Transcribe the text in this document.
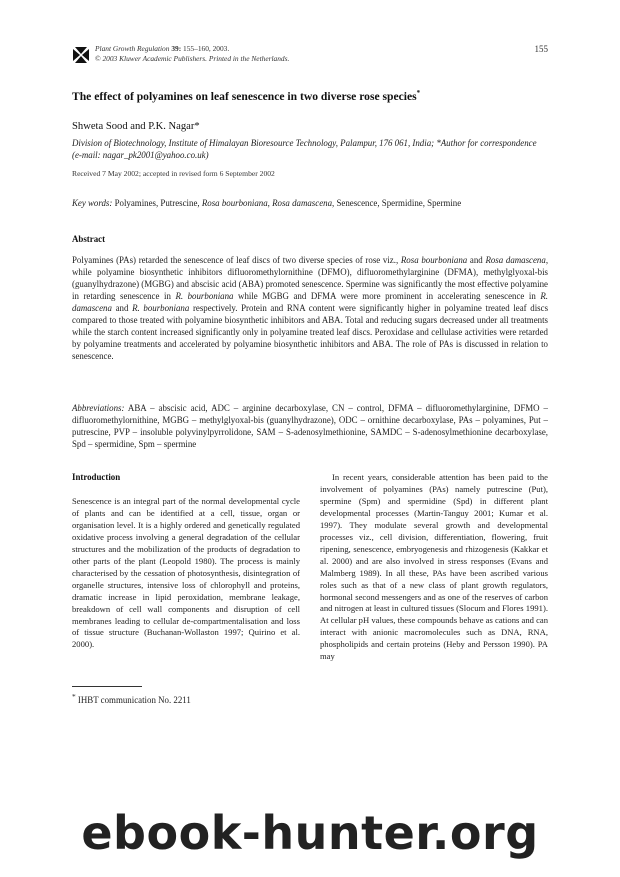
Plant Growth Regulation 39: 155–160, 2003.
© 2003 Kluwer Academic Publishers. Printed in the Netherlands.
155
The effect of polyamines on leaf senescence in two diverse rose species*
Shweta Sood and P.K. Nagar*
Division of Biotechnology, Institute of Himalayan Bioresource Technology, Palampur, 176 061, India; *Author for correspondence (e-mail: nagar_pk2001@yahoo.co.uk)
Received 7 May 2002; accepted in revised form 6 September 2002
Key words: Polyamines, Putrescine, Rosa bourboniana, Rosa damascena, Senescence, Spermidine, Spermine
Abstract
Polyamines (PAs) retarded the senescence of leaf discs of two diverse species of rose viz., Rosa bourboniana and Rosa damascena, while polyamine biosynthetic inhibitors difluoromethylornithine (DFMO), difluoromethylarginine (DFMA), methylglyoxal-bis (guanylhydrazone) (MGBG) and abscisic acid (ABA) promoted senescence. Spermine was significantly the most effective polyamine in retarding senescence in R. bourboniana while MGBG and DFMA were more prominent in accelerating senescence in R. damascena and R. bourboniana respectively. Protein and RNA content were significantly higher in polyamine treated leaf discs compared to those treated with polyamine biosynthetic inhibitors and ABA. Total and reducing sugars decreased under all treatments while the starch content increased significantly only in polyamine treated leaf discs. Peroxidase and cellulase activities were retarded by polyamine treatments and accelerated by polyamine biosynthetic inhibitors and ABA. The role of PAs is discussed in relation to senescence.
Abbreviations: ABA – abscisic acid, ADC – arginine decarboxylase, CN – control, DFMA – difluoromethylarginine, DFMO – difluoromethylornithine, MGBG – methylglyoxal-bis (guanylhydrazone), ODC – ornithine decarboxylase, PAs – polyamines, Put – putrescine, PVP – insoluble polyvinylpyrrolidone, SAM – S-adenosylmethionine, SAMDC – S-adenosylmethionine decarboxylase, Spd – spermidine, Spm – spermine
Introduction
Senescence is an integral part of the normal developmental cycle of plants and can be identified at a cell, tissue, organ or organisation level. It is a highly ordered and genetically regulated oxidative process involving a general degradation of the cellular structures and the mobilization of the products of degradation to other parts of the plant (Leopold 1980). The process is mainly characterised by the cessation of photosynthesis, disintegration of organelle structures, intensive loss of chlorophyll and proteins, dramatic increase in lipid peroxidation, membrane leakage, breakdown of cell wall components and disruption of cell membranes leading to cellular de-compartmentalisation and loss of tissue structure (Buchanan-Wollaston 1997; Quirino et al. 2000).
In recent years, considerable attention has been paid to the involvement of polyamines (PAs) namely putrescine (Put), spermine (Spm) and spermidine (Spd) in different plant developmental processes (Martin-Tanguy 2001; Kumar et al. 1997). They modulate several growth and developmental processes viz., cell division, differentiation, flowering, fruit ripening, senescence, embryogenesis and rhizogenesis (Kakkar et al. 2000) and are also involved in stress responses (Evans and Malmberg 1989). In all these, PAs have been ascribed various roles such as that of a new class of plant growth regulators, hormonal second messengers and as one of the reserves of carbon and nitrogen at least in cultured tissues (Slocum and Flores 1991). At cellular pH values, these compounds behave as cations and can interact with anionic macromolecules such as DNA, RNA, phospholipids and certain proteins (Heby and Persson 1990). PA may
* IHBT communication No. 2211
ebook-hunter.org
